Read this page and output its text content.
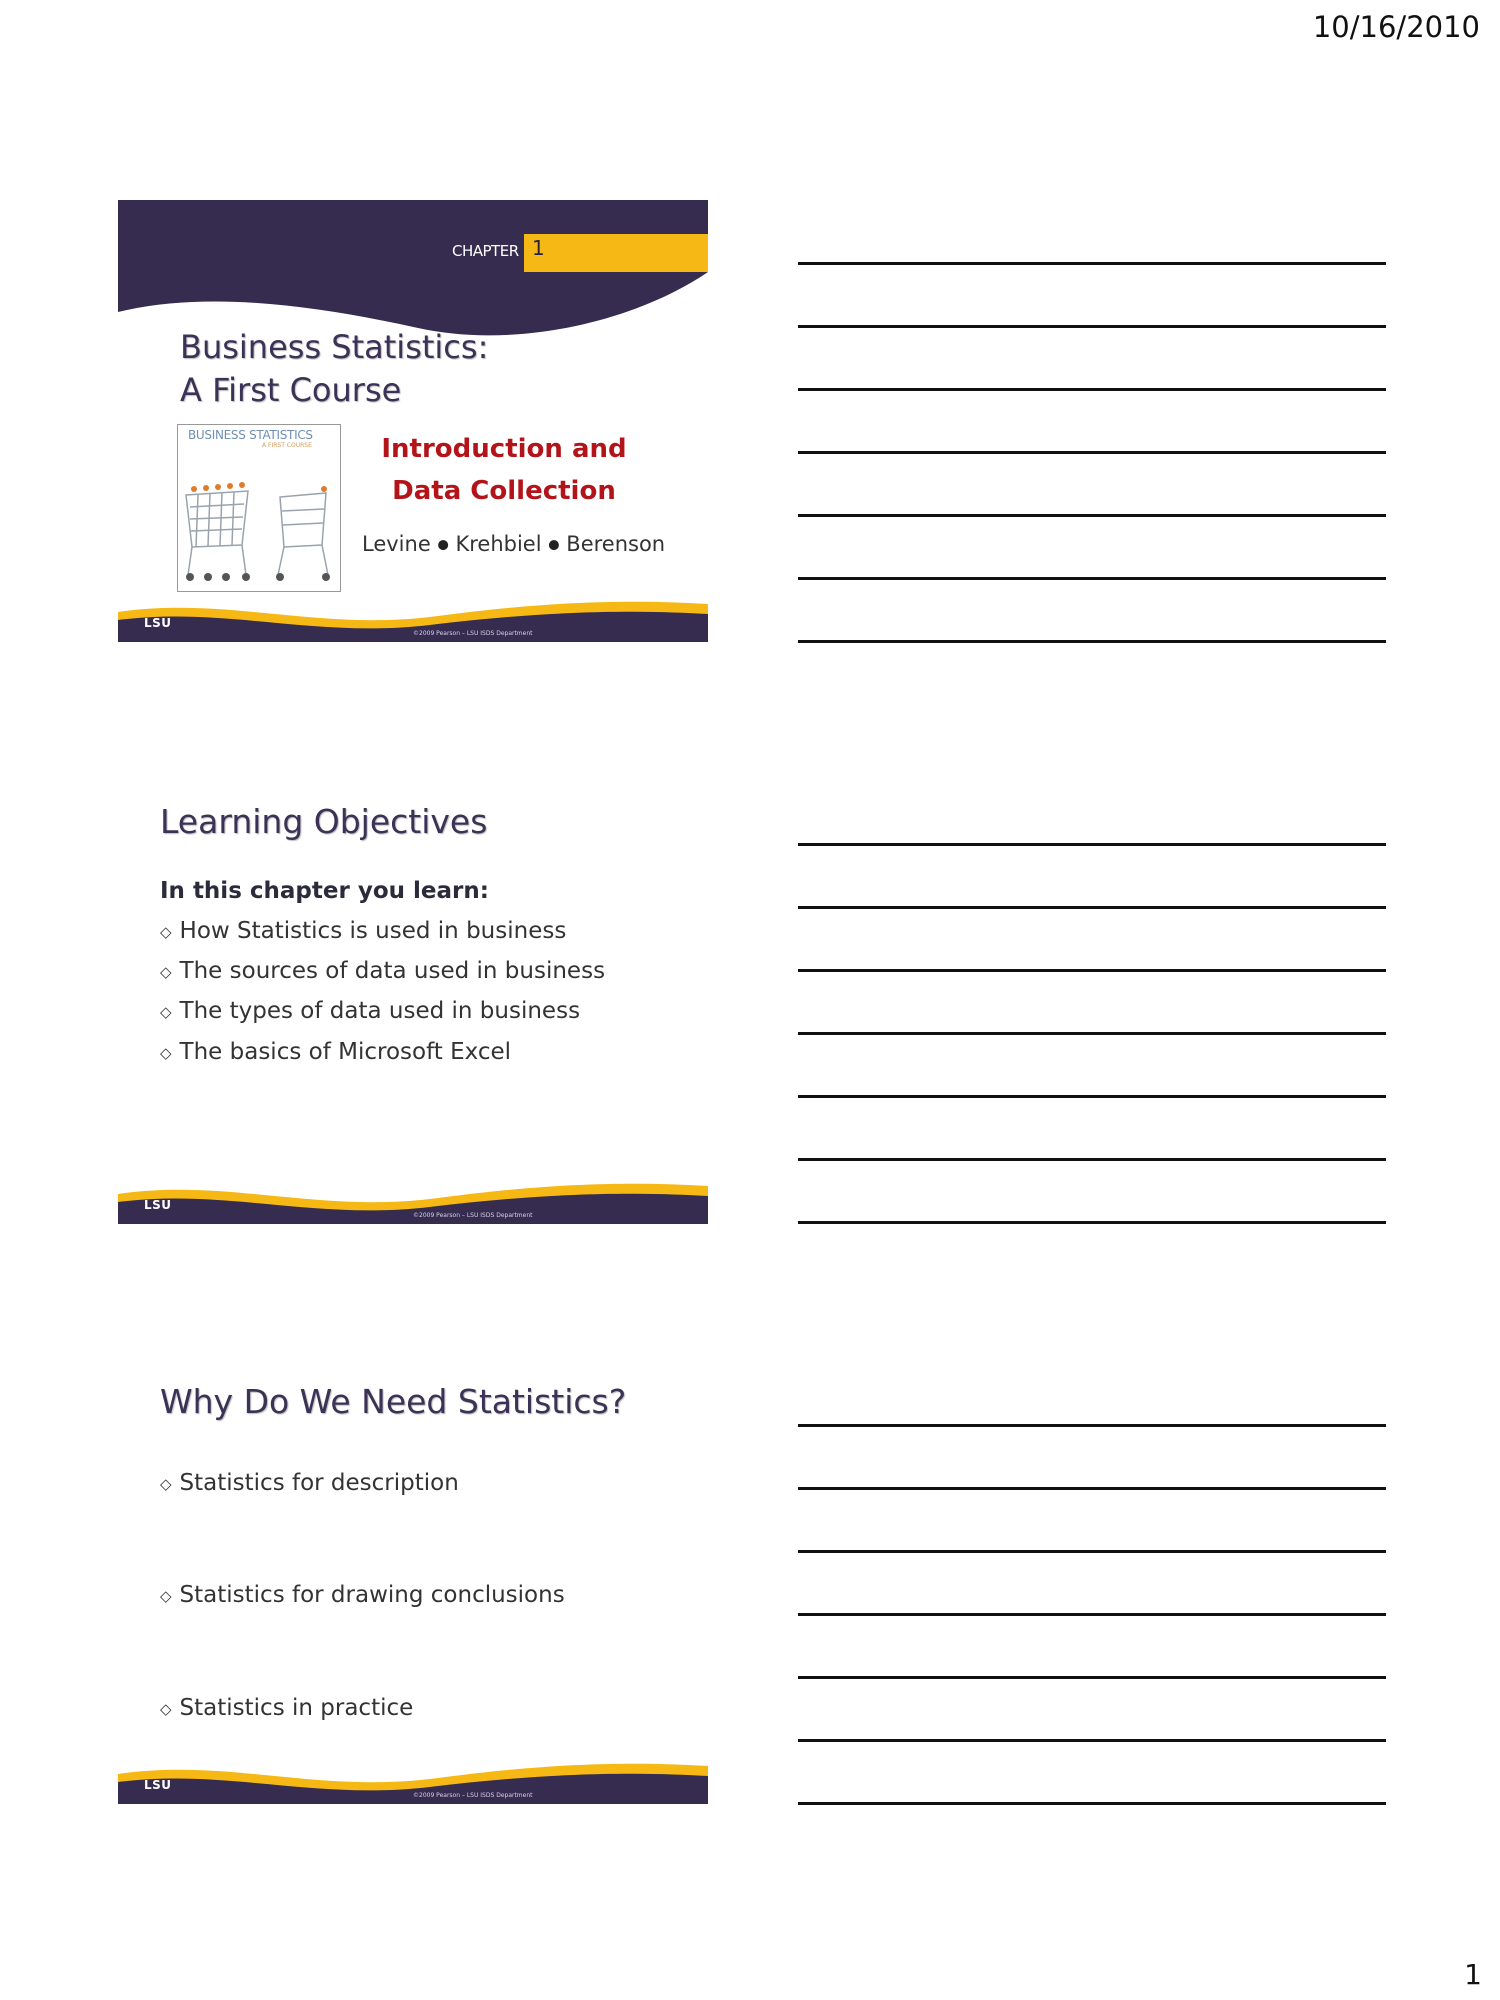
10/16/2010
CHAPTER 1
Business Statistics:
A First Course
BUSINESS STATISTICS
A FIRST COURSE	Introduction and
Data Collection
Levine ● Krehbiel ● Berenson
LSU
©2009 Pearson – LSU ISDS Department
Learning Objectives
In this chapter you learn:
◇ How Statistics is used in business
◇ The sources of data used in business
◇ The types of data used in business
◇ The basics of Microsoft Excel
LSU
©2009 Pearson – LSU ISDS Department
Why Do We Need Statistics?
◇ Statistics for description
◇ Statistics for drawing conclusions
◇ Statistics in practice
LSU
©2009 Pearson – LSU ISDS Department
1
